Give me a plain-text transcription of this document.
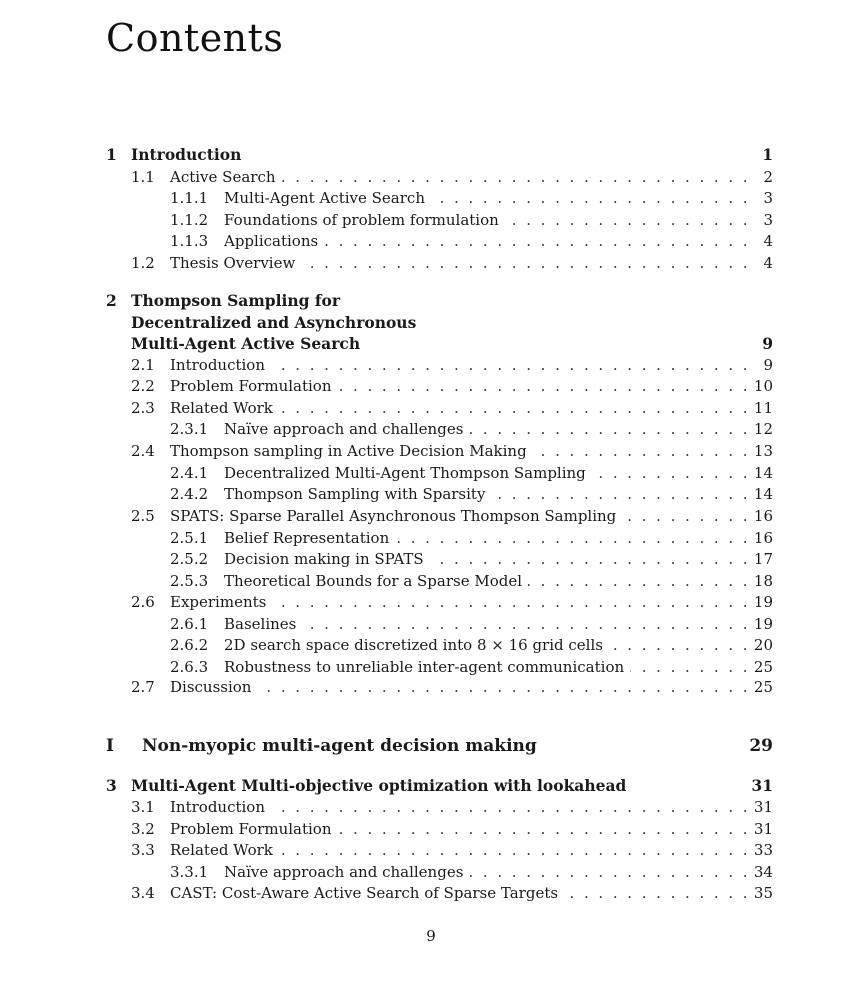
Contents
1 Introduction	1
1.1 Active Search	2
. . .
1.1.1 Multi-Agent Active Search	3
. . .
1.1.2 Foundations of problem formulation	3
. . .
1.1.3 Applications	4
. . .
1.2 Thesis Overview	4
. . .
2 Thompson Sampling for
Decentralized and Asynchronous
Multi-Agent Active Search	9
2.1 Introduction	9
. . .
2.2 Problem Formulation	10
. . .
2.3 Related Work	11
. . .
2.3.1 Naïve approach and challenges	12
. . .
2.4 Thompson sampling in Active Decision Making	13
. . .
2.4.1 Decentralized Multi-Agent Thompson Sampling	14
. . .
2.4.2 Thompson Sampling with Sparsity	14
. . .
2.5 SPATS: Sparse Parallel Asynchronous Thompson Sampling	16
. . .
2.5.1 Belief Representation	16
. . .
2.5.2 Decision making in SPATS	17
. . .
2.5.3 Theoretical Bounds for a Sparse Model	18
. . .
2.6 Experiments	19
. . .
2.6.1 Baselines	19
. . .
2.6.2 2D search space discretized into 8 × 16 grid cells	20
. . .
2.6.3 Robustness to unreliable inter-agent communication	25
. . .
2.7 Discussion	25
. . .
I Non-myopic multi-agent decision making	29
3 Multi-Agent Multi-objective optimization with lookahead	31
3.1 Introduction	31
. . .
3.2 Problem Formulation	31
. . .
3.3 Related Work	33
. . .
3.3.1 Naïve approach and challenges	34
. . .
3.4 CAST: Cost-Aware Active Search of Sparse Targets	35
. . .
9
